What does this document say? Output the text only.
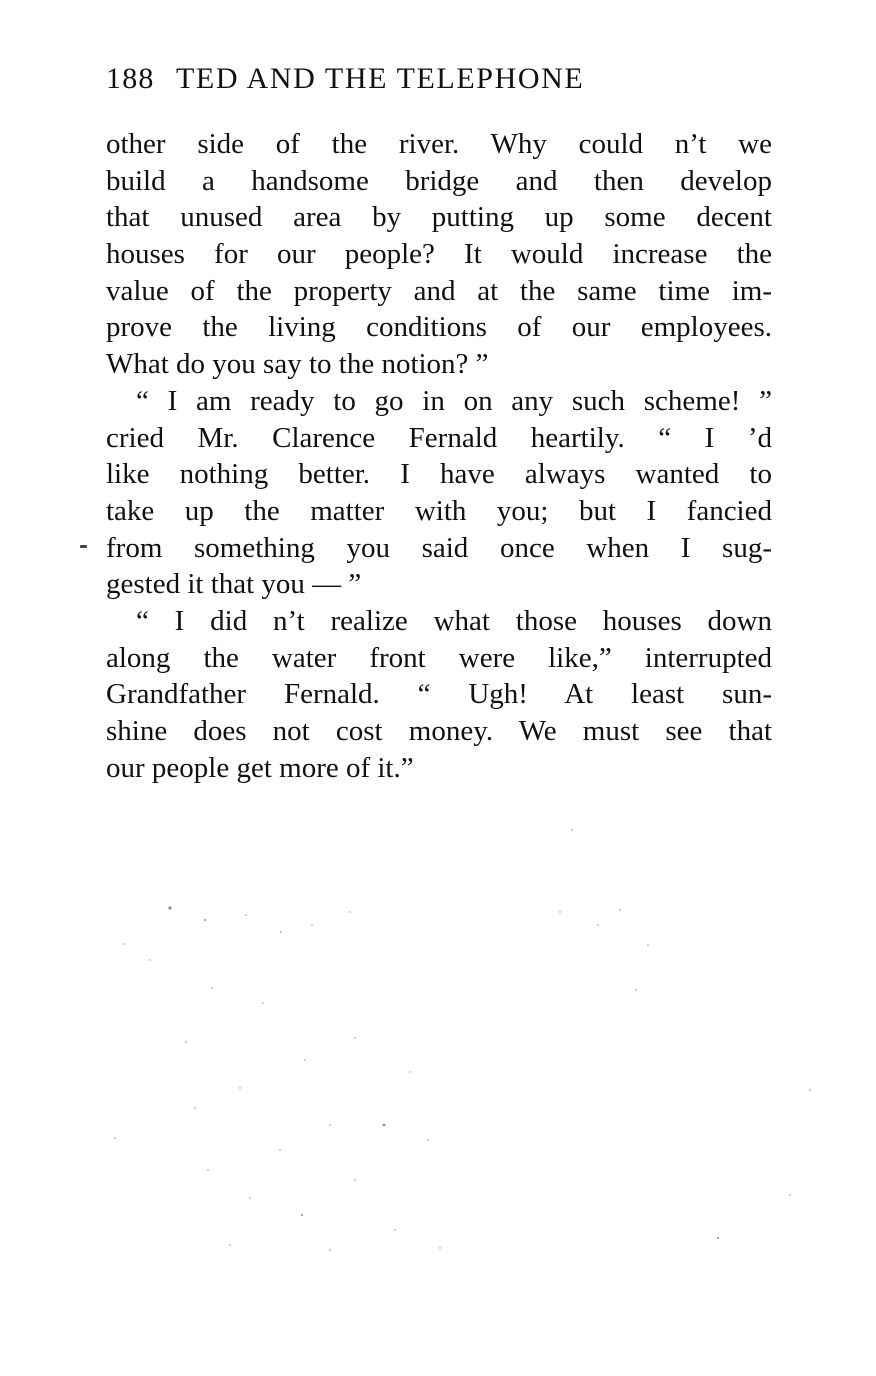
188 TED AND THE TELEPHONE
other side of the river. Why could n’t we
build a handsome bridge and then develop
that unused area by putting up some decent
houses for our people? It would increase the
value of the property and at the same time im-
prove the living conditions of our employees.
What do you say to the notion? ”
“ I am ready to go in on any such scheme! ”
cried Mr. Clarence Fernald heartily. “ I ’d
like nothing better. I have always wanted to
take up the matter with you; but I fancied
from something you said once when I sug-
gested it that you — ”
“ I did n’t realize what those houses down
along the water front were like,” interrupted
Grandfather Fernald. “ Ugh! At least sun-
shine does not cost money. We must see that
our people get more of it.”
